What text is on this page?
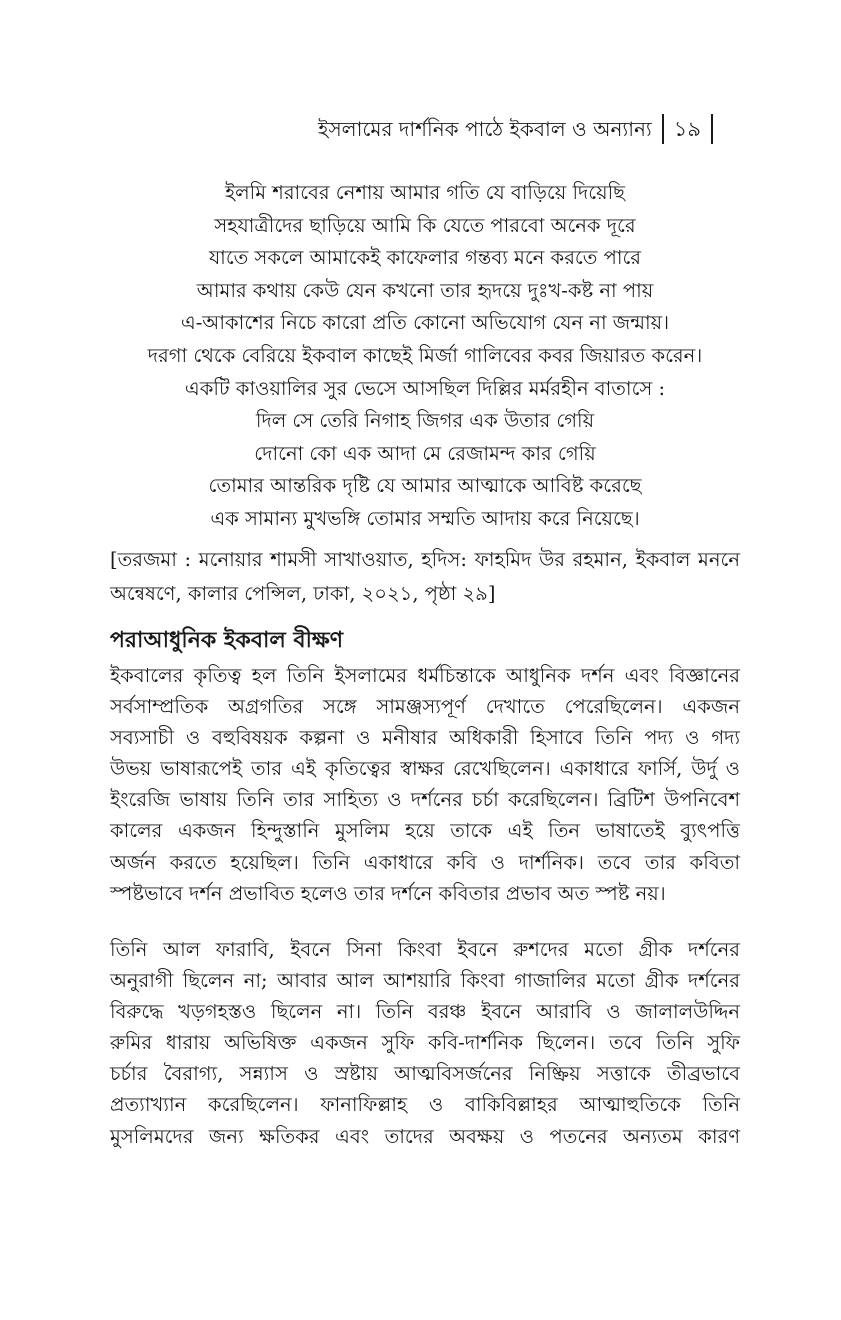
ইসলামের দার্শনিক পাঠে ইকবাল ও অন্যান্য ১৯
ইলমি শরাবের নেশায় আমার গতি যে বাড়িয়ে দিয়েছি
সহযাত্রীদের ছাড়িয়ে আমি কি যেতে পারবো অনেক দূরে
যাতে সকলে আমাকেই কাফেলার গন্তব্য মনে করতে পারে
আমার কথায় কেউ যেন কখনো তার হৃদয়ে দুঃখ-কষ্ট না পায়
এ-আকাশের নিচে কারো প্রতি কোনো অভিযোগ যেন না জন্মায়।
দরগা থেকে বেরিয়ে ইকবাল কাছেই মির্জা গালিবের কবর জিয়ারত করেন।
একটি কাওয়ালির সুর ভেসে আসছিল দিল্লির মর্মরহীন বাতাসে :
দিল সে তেরি নিগাহ জিগর এক উতার গেয়ি
দোনো কো এক আদা মে রেজামন্দ কার গেয়ি
তোমার আন্তরিক দৃষ্টি যে আমার আত্মাকে আবিষ্ট করেছে
এক সামান্য মুখভঙ্গি তোমার সম্মতি আদায় করে নিয়েছে।

[তরজমা : মনোয়ার শামসী সাখাওয়াত, হদিস: ফাহমিদ উর রহমান, ইকবাল মননে অন্বেষণে, কালার পেন্সিল, ঢাকা, ২০২১, পৃষ্ঠা ২৯]

পরাআধুনিক ইকবাল বীক্ষণ
ইকবালের কৃতিত্ব হল তিনি ইসলামের ধর্মচিন্তাকে আধুনিক দর্শন এবং বিজ্ঞানের
সর্বসাম্প্রতিক অগ্রগতির সঙ্গে সামঞ্জস্যপূর্ণ দেখাতে পেরেছিলেন। একজন
সব্যসাচী ও বহুবিষয়ক কল্পনা ও মনীষার অধিকারী হিসাবে তিনি পদ্য ও গদ্য
উভয় ভাষারূপেই তার এই কৃতিত্বের স্বাক্ষর রেখেছিলেন। একাধারে ফার্সি, উর্দু ও
ইংরেজি ভাষায় তিনি তার সাহিত্য ও দর্শনের চর্চা করেছিলেন। ব্রিটিশ উপনিবেশ
কালের একজন হিন্দুস্তানি মুসলিম হয়ে তাকে এই তিন ভাষাতেই ব্যুৎপত্তি
অর্জন করতে হয়েছিল। তিনি একাধারে কবি ও দার্শনিক। তবে তার কবিতা
স্পষ্টভাবে দর্শন প্রভাবিত হলেও তার দর্শনে কবিতার প্রভাব অত স্পষ্ট নয়।
তিনি আল ফারাবি, ইবনে সিনা কিংবা ইবনে রুশদের মতো গ্রীক দর্শনের
অনুরাগী ছিলেন না; আবার আল আশয়ারি কিংবা গাজালির মতো গ্রীক দর্শনের
বিরুদ্ধে খড়গহস্তও ছিলেন না। তিনি বরঞ্চ ইবনে আরাবি ও জালালউদ্দিন
রুমির ধারায় অভিষিক্ত একজন সুফি কবি-দার্শনিক ছিলেন। তবে তিনি সুফি
চর্চার বৈরাগ্য, সন্ন্যাস ও স্রষ্টায় আত্মবিসর্জনের নিষ্ক্রিয় সত্তাকে তীব্রভাবে
প্রত্যাখ্যান করেছিলেন। ফানাফিল্লাহ ও বাকিবিল্লাহর আত্মাহুতিকে তিনি
মুসলিমদের জন্য ক্ষতিকর এবং তাদের অবক্ষয় ও পতনের অন্যতম কারণ
